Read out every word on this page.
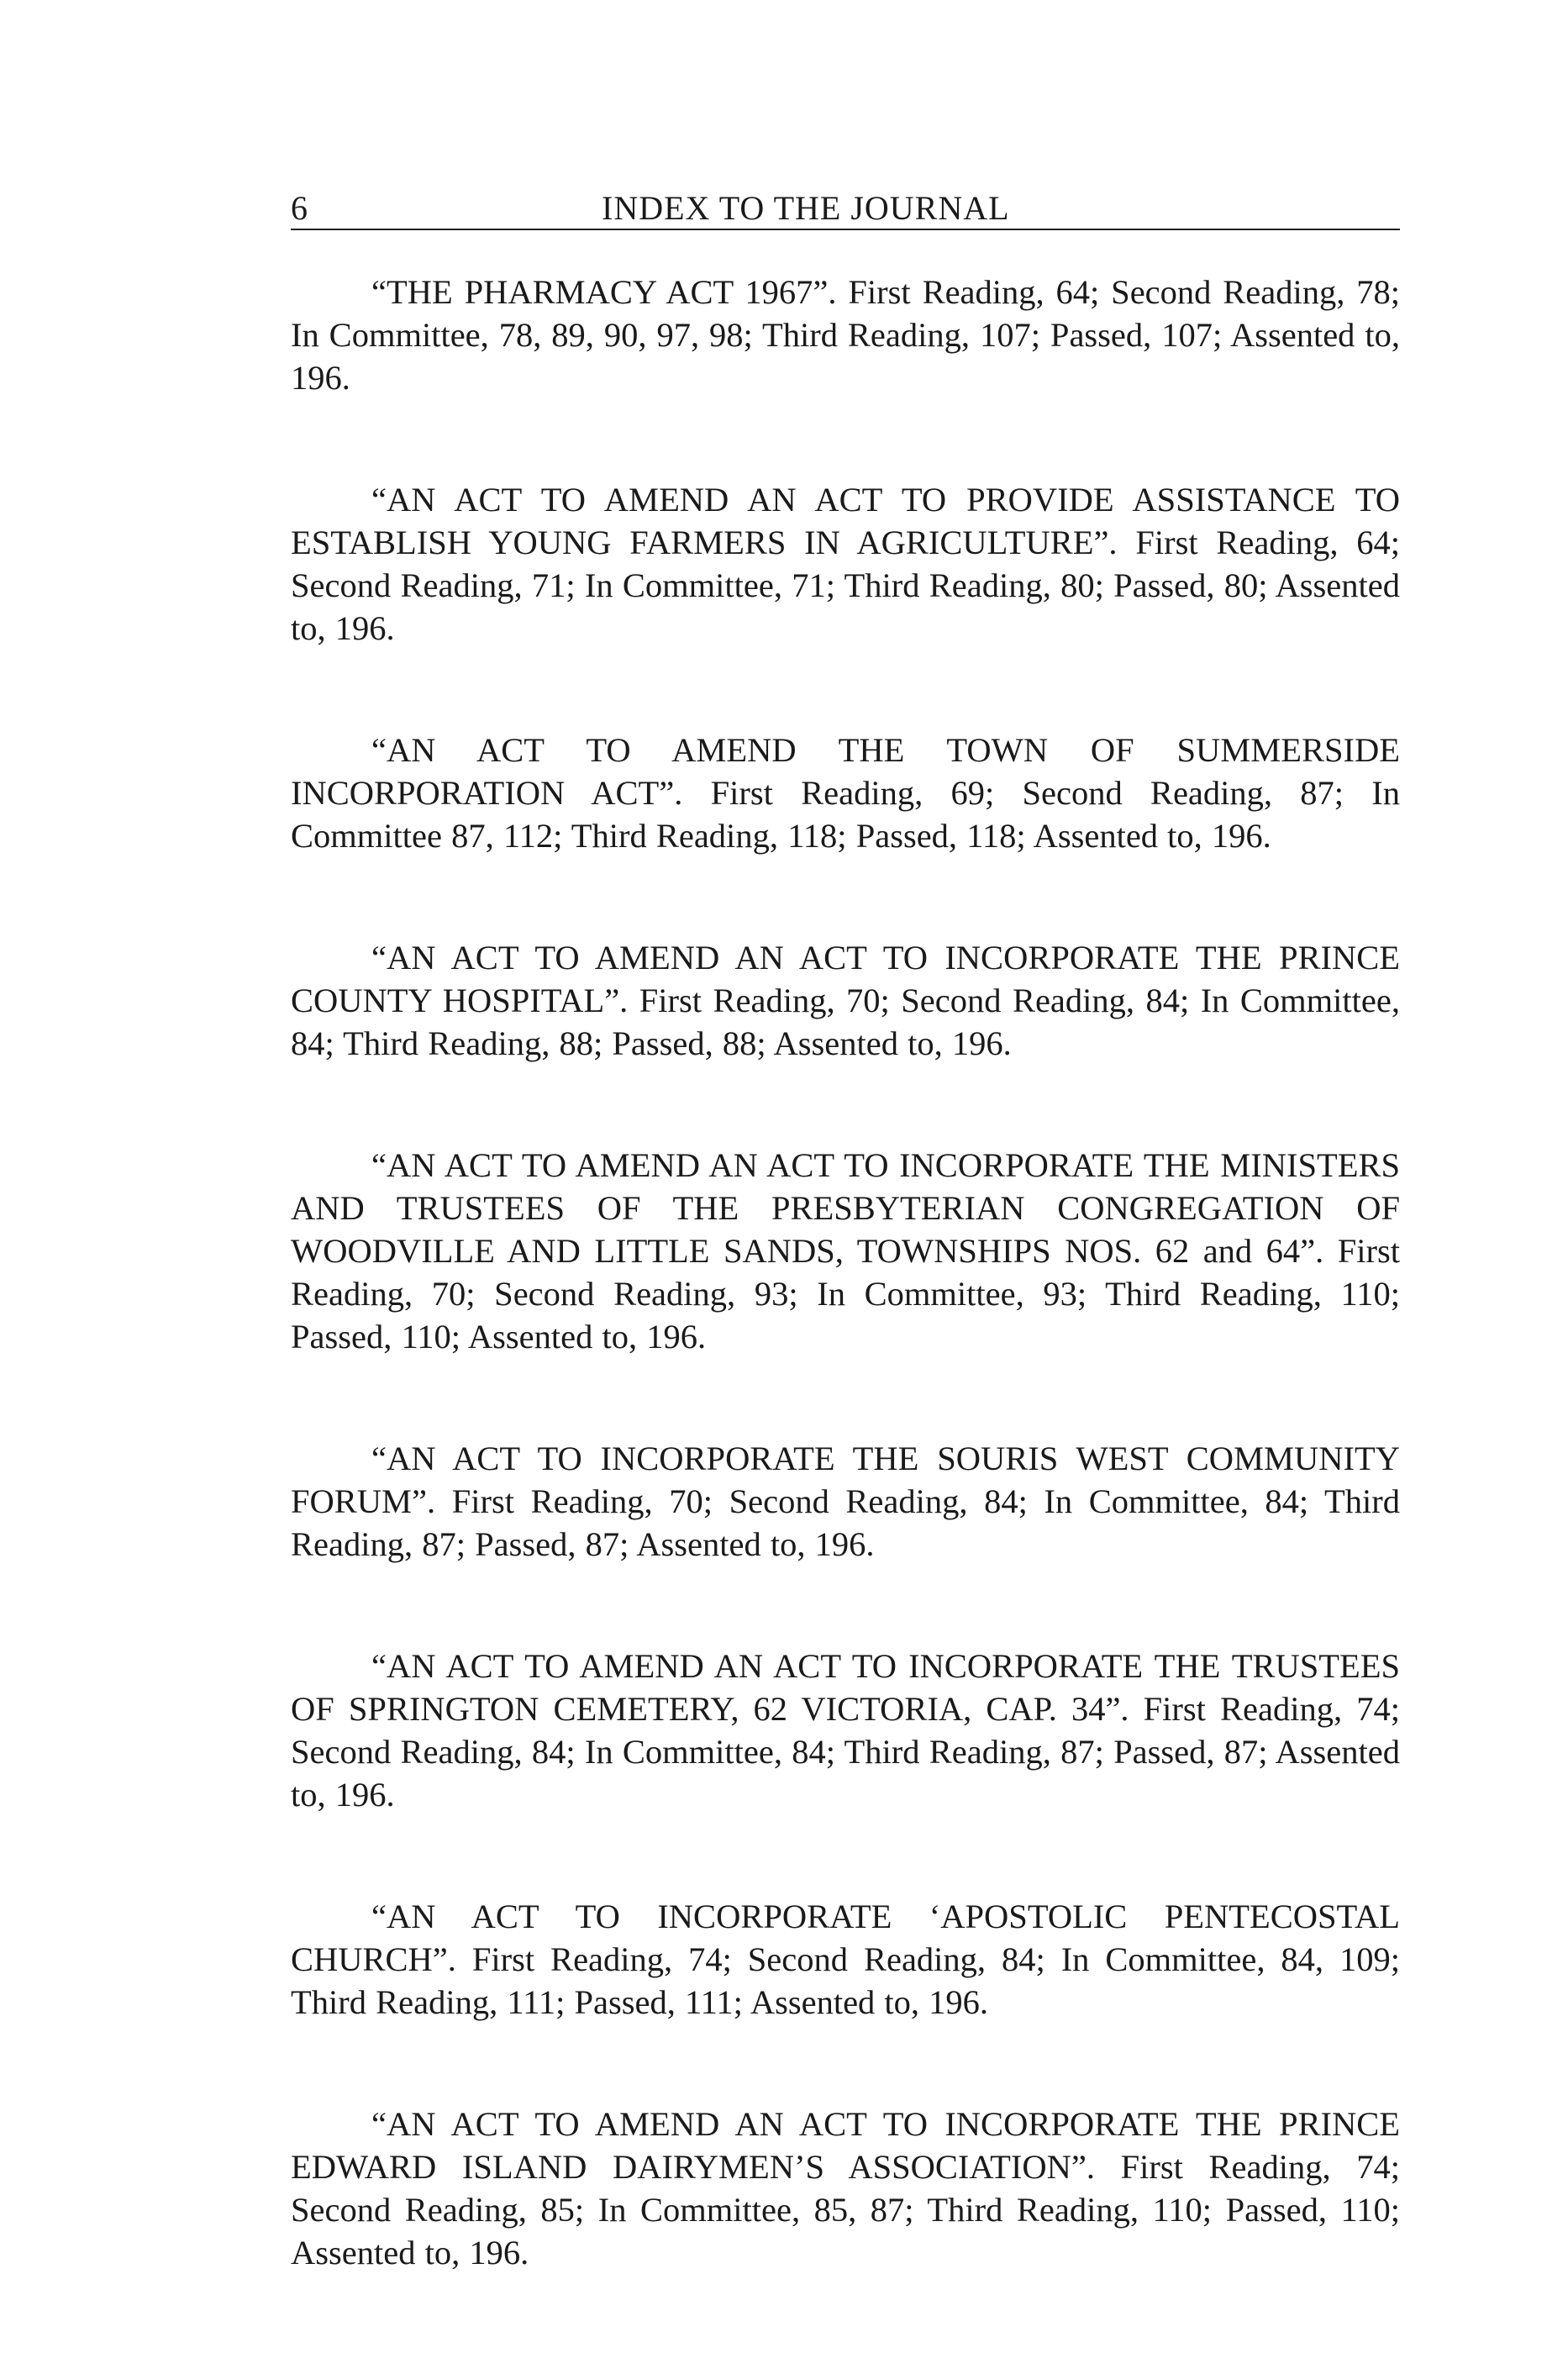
6	INDEX TO THE JOURNAL

“THE PHARMACY ACT 1967”. First Reading, 64; Second Reading, 78; In Committee, 78, 89, 90, 97, 98; Third Reading, 107; Passed, 107; Assented to, 196.

“AN ACT TO AMEND AN ACT TO PROVIDE ASSISTANCE TO ESTABLISH YOUNG FARMERS IN AGRICULTURE”. First Reading, 64; Second Reading, 71; In Committee, 71; Third Reading, 80; Passed, 80; Assented to, 196.

“AN ACT TO AMEND THE TOWN OF SUMMERSIDE INCORPORATION ACT”. First Reading, 69; Second Reading, 87; In Committee 87, 112; Third Reading, 118; Passed, 118; Assented to, 196.

“AN ACT TO AMEND AN ACT TO INCORPORATE THE PRINCE COUNTY HOSPITAL”. First Reading, 70; Second Reading, 84; In Committee, 84; Third Reading, 88; Passed, 88; Assented to, 196.

“AN ACT TO AMEND AN ACT TO INCORPORATE THE MINISTERS AND TRUSTEES OF THE PRESBYTERIAN CONGREGATION OF WOODVILLE AND LITTLE SANDS, TOWNSHIPS NOS. 62 and 64”. First Reading, 70; Second Reading, 93; In Committee, 93; Third Reading, 110; Passed, 110; Assented to, 196.

“AN ACT TO INCORPORATE THE SOURIS WEST COMMUNITY FORUM”. First Reading, 70; Second Reading, 84; In Committee, 84; Third Reading, 87; Passed, 87; Assented to, 196.

“AN ACT TO AMEND AN ACT TO INCORPORATE THE TRUSTEES OF SPRINGTON CEMETERY, 62 VICTORIA, CAP. 34”. First Reading, 74; Second Reading, 84; In Committee, 84; Third Reading, 87; Passed, 87; Assented to, 196.

“AN ACT TO INCORPORATE ‘APOSTOLIC PENTECOSTAL CHURCH”. First Reading, 74; Second Reading, 84; In Committee, 84, 109; Third Reading, 111; Passed, 111; Assented to, 196.

“AN ACT TO AMEND AN ACT TO INCORPORATE THE PRINCE EDWARD ISLAND DAIRYMEN’S ASSOCIATION”. First Reading, 74; Second Reading, 85; In Committee, 85, 87; Third Reading, 110; Passed, 110; Assented to, 196.
